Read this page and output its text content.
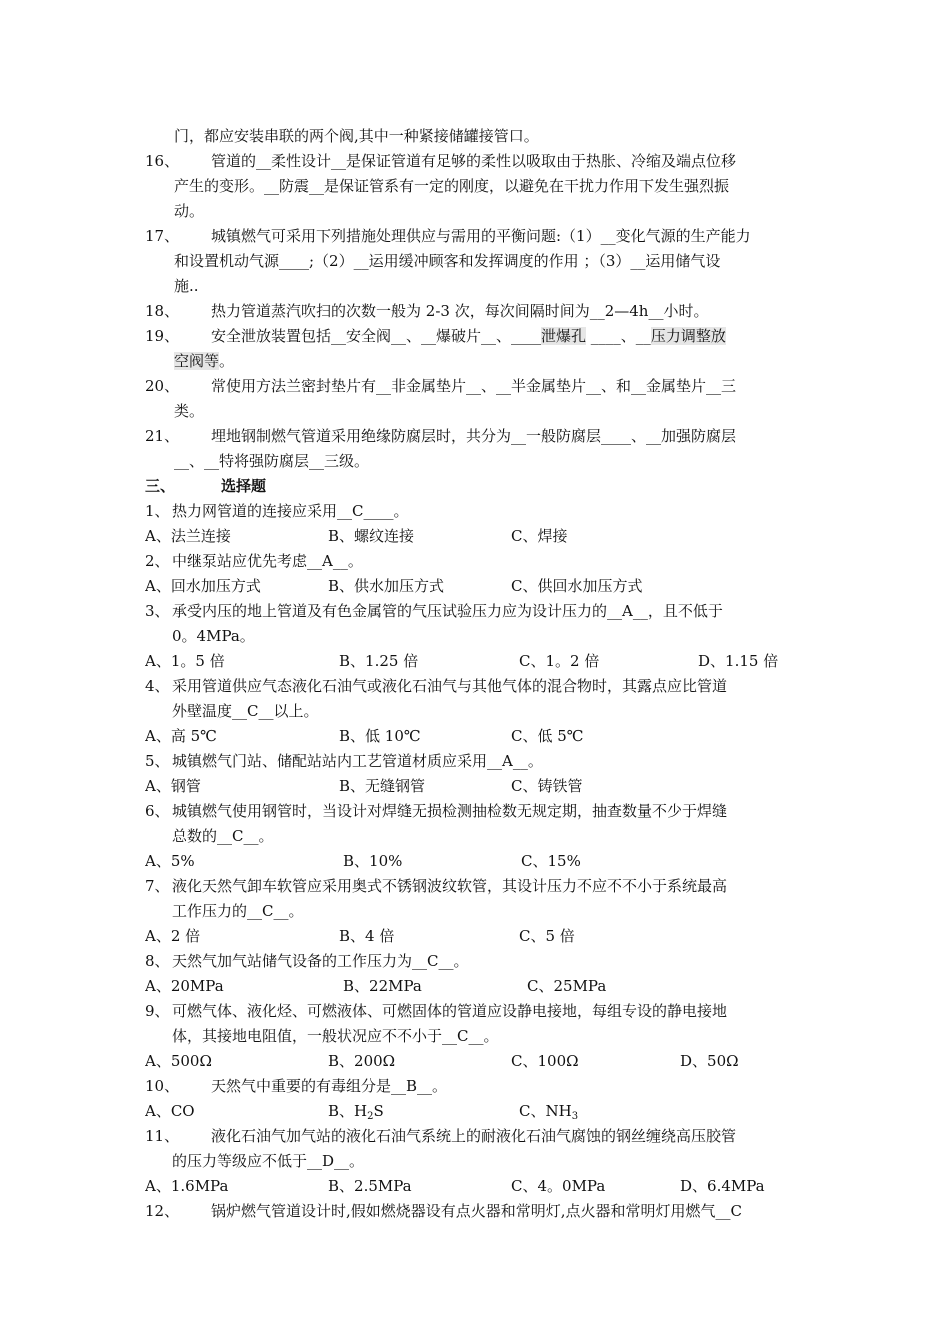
门，都应安装串联的两个阀,其中一种紧接储罐接管口。
16、	管道的__柔性设计__是保证管道有足够的柔性以吸取由于热胀、冷缩及端点位移
产生的变形。__防震__是保证管系有一定的刚度，以避免在干扰力作用下发生强烈振
动。
17、	城镇燃气可采用下列措施处理供应与需用的平衡问题:（1）__变化气源的生产能力
和设置机动气源____;（2）__运用缓冲顾客和发挥调度的作用 ；（3）__运用储气设
施..
18、	热力管道蒸汽吹扫的次数一般为 2-3 次，每次间隔时间为__2—4h__小时。
19、	安全泄放装置包括__安全阀__、__爆破片__、____泄爆孔 ____、__压力调整放
空阀等。
20、	常使用方法兰密封垫片有__非金属垫片__、__半金属垫片__、和__金属垫片__三
类。
21、	埋地钢制燃气管道采用绝缘防腐层时，共分为__一般防腐层____、__加强防腐层
__、__特将强防腐层__三级。
三、	选择题
1、 热力网管道的连接应采用__C____。
A、法兰连接	B、螺纹连接	C、焊接
2、 中继泵站应优先考虑__A__。
A、回水加压方式	B、供水加压方式	C、供回水加压方式
3、 承受内压的地上管道及有色金属管的气压试验压力应为设计压力的__A__，且不低于
0。4MPa。
A、1。5 倍	B、1.25 倍	C、1。2 倍	D、1.15 倍
4、 采用管道供应气态液化石油气或液化石油气与其他气体的混合物时，其露点应比管道
外壁温度__C__以上。
A、高 5℃	B、低 10℃	C、低 5℃
5、 城镇燃气门站、储配站站内工艺管道材质应采用__A__。
A、钢管	B、无缝钢管	C、铸铁管
6、 城镇燃气使用钢管时，当设计对焊缝无损检测抽检数无规定期，抽查数量不少于焊缝
总数的__C__。
A、5%	B、10%	C、15%
7、 液化天然气卸车软管应采用奥式不锈钢波纹软管，其设计压力不应不不小于系统最高
工作压力的__C__。
A、2 倍	B、4 倍	C、5 倍
8、 天然气加气站储气设备的工作压力为__C__。
A、20MPa	B、22MPa	C、25MPa
9、 可燃气体、液化烃、可燃液体、可燃固体的管道应设静电接地，每组专设的静电接地
体，其接地电阻值，一般状况应不不小于__C__。
A、500Ω	B、200Ω	C、100Ω	D、50Ω
10、	天然气中重要的有毒组分是__B__。
A、CO	B、$H_2S$	C、$NH_3$
11、	液化石油气加气站的液化石油气系统上的耐液化石油气腐蚀的钢丝缠绕高压胶管
的压力等级应不低于__D__。
A、1.6MPa	B、2.5MPa	C、4。0MPa	D、6.4MPa
12、	锅炉燃气管道设计时,假如燃烧器设有点火器和常明灯,点火器和常明灯用燃气__C
